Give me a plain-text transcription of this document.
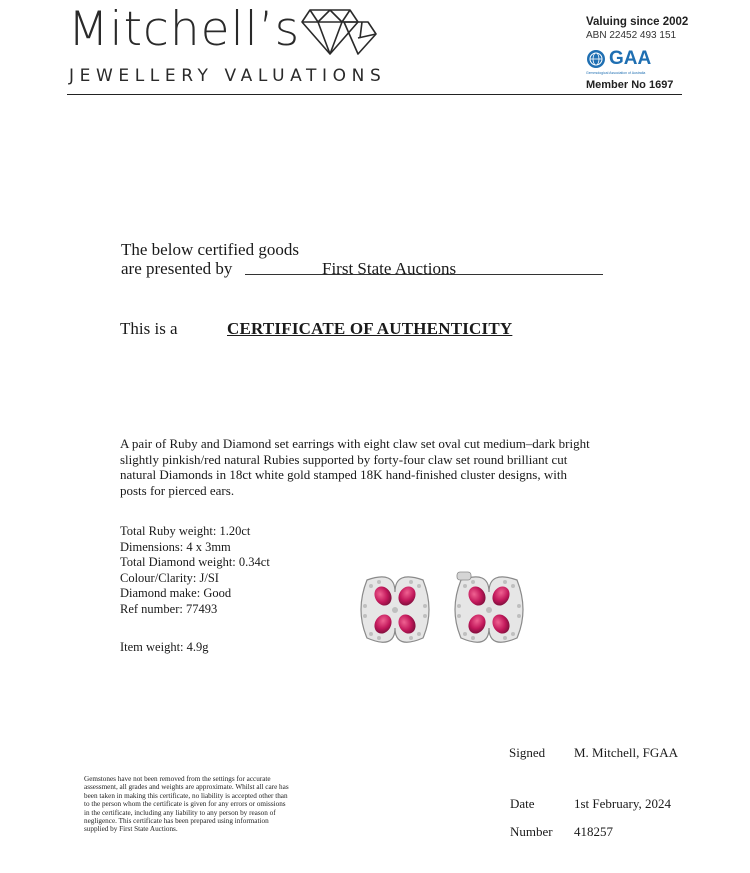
Mitchell’s
JEWELLERY VALUATIONS
Valuing since 2002
ABN 22452 493 151
GAA
Gemmological Association of Australia
Member No 1697
The below certified goods
are presented by	First State Auctions
This is a	CERTIFICATE OF AUTHENTICITY
A pair of Ruby and Diamond set earrings with eight claw set oval cut medium–dark bright slightly pinkish/red natural Rubies supported by forty-four claw set round brilliant cut natural Diamonds in 18ct white gold stamped 18K hand-finished cluster designs, with posts for pierced ears.
Total Ruby weight: 1.20ct
Dimensions: 4 x 3mm
Total Diamond weight: 0.34ct
Colour/Clarity: J/SI
Diamond make: Good
Ref number: 77493
Item weight: 4.9g
Signed M. Mitchell, FGAA
Date	1st February, 2024
Number 418257
Gemstones have not been removed from the settings for accurate assessment, all grades and weights are approximate. Whilst all care has been taken in making this certificate, no liability is accepted other than to the person whom the certificate is given for any errors or omissions in the certificate, including any liability to any person by reason of negligence. This certificate has been prepared using information supplied by First State Auctions.
